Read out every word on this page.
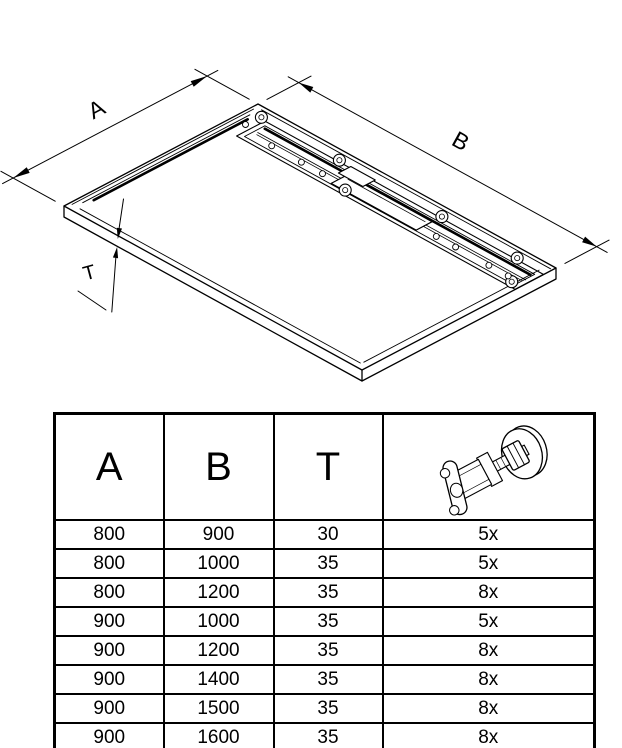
A
B
T
A	B	T	

800	900	30	5x
800	1000	35	5x
800	1200	35	8x
900	1000	35	5x
900	1200	35	8x
900	1400	35	8x
900	1500	35	8x
900	1600	35	8x
